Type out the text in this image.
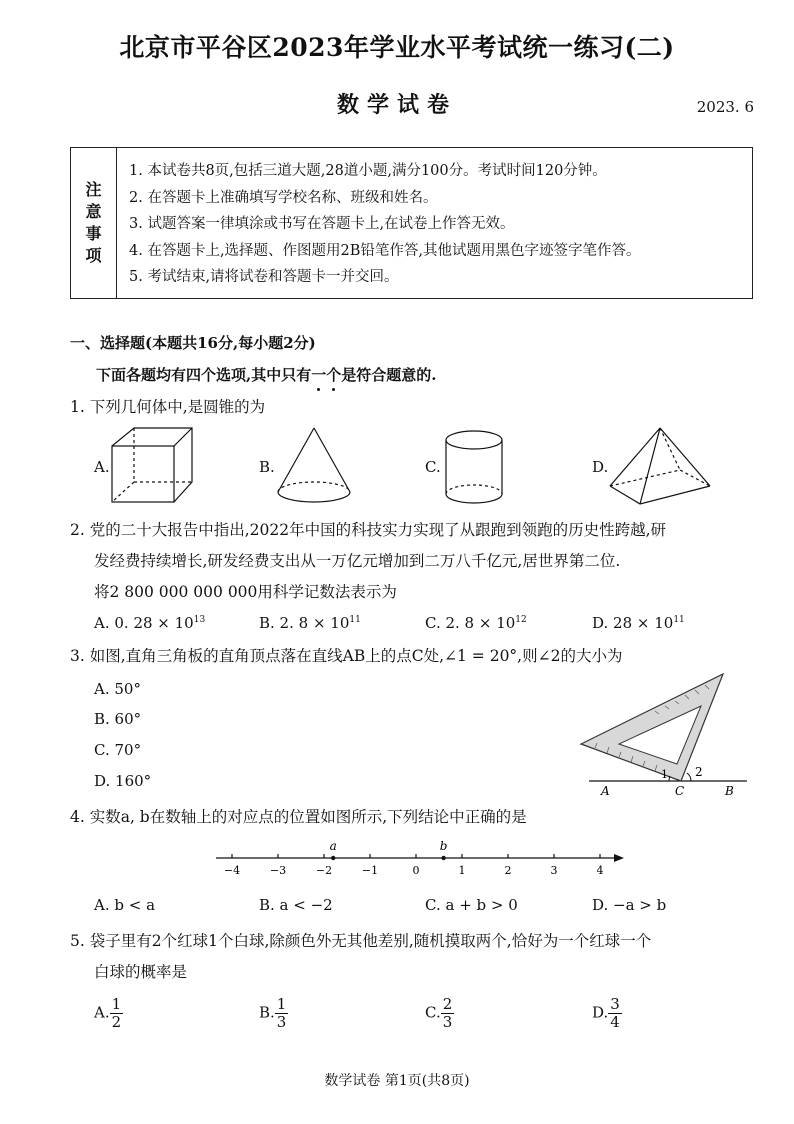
北京市平谷区2023年学业水平考试统一练习(二)
数学试卷	2023. 6
注
意
事
项
1. 本试卷共8页,包括三道大题,28道小题,满分100分。考试时间120分钟。
2. 在答题卡上准确填写学校名称、班级和姓名。
3. 试题答案一律填涂或书写在答题卡上,在试卷上作答无效。
4. 在答题卡上,选择题、作图题用2B铅笔作答,其他试题用黑色字迹签字笔作答。
5. 考试结束,请将试卷和答题卡一并交回。
一、选择题(本题共16分,每小题2分)
下面各题均有四个选项,其中只有一个是符合题意的.
1. 下列几何体中,是圆锥的为
A.	B.	C.	D.
2. 党的二十大报告中指出,2022年中国的科技实力实现了从跟跑到领跑的历史性跨越,研
发经费持续增长,研发经费支出从一万亿元增加到二万八千亿元,居世界第二位.
将2 800 000 000 000用科学记数法表示为
A. 0. $28 \times 10^{13}$	B. 2. $8 \times 10^{11}$	C. 2. $8 \times 10^{12}$	D. $28 \times 10^{11}$
3. 如图,直角三角板的直角顶点落在直线AB上的点C处,∠1 = 20°,则∠2的大小为
A. 50°
B. 60°
C. 70°
D. 160°
A	C	B
1 2
4. 实数a, b在数轴上的对应点的位置如图所示,下列结论中正确的是
−4	−3	−2	−1	0	1	2	3	4
a	b
A. b < a	B. a < −2	C. a + b > 0	D. −a > b
5. 袋子里有2个红球1个白球,除颜色外无其他差别,随机摸取两个,恰好为一个红球一个
白球的概率是
A. $\frac{1}{2}$	B. $\frac{1}{3}$	C. $\frac{2}{3}$	D. $\frac{3}{4}$
数学试卷 第1页(共8页)
